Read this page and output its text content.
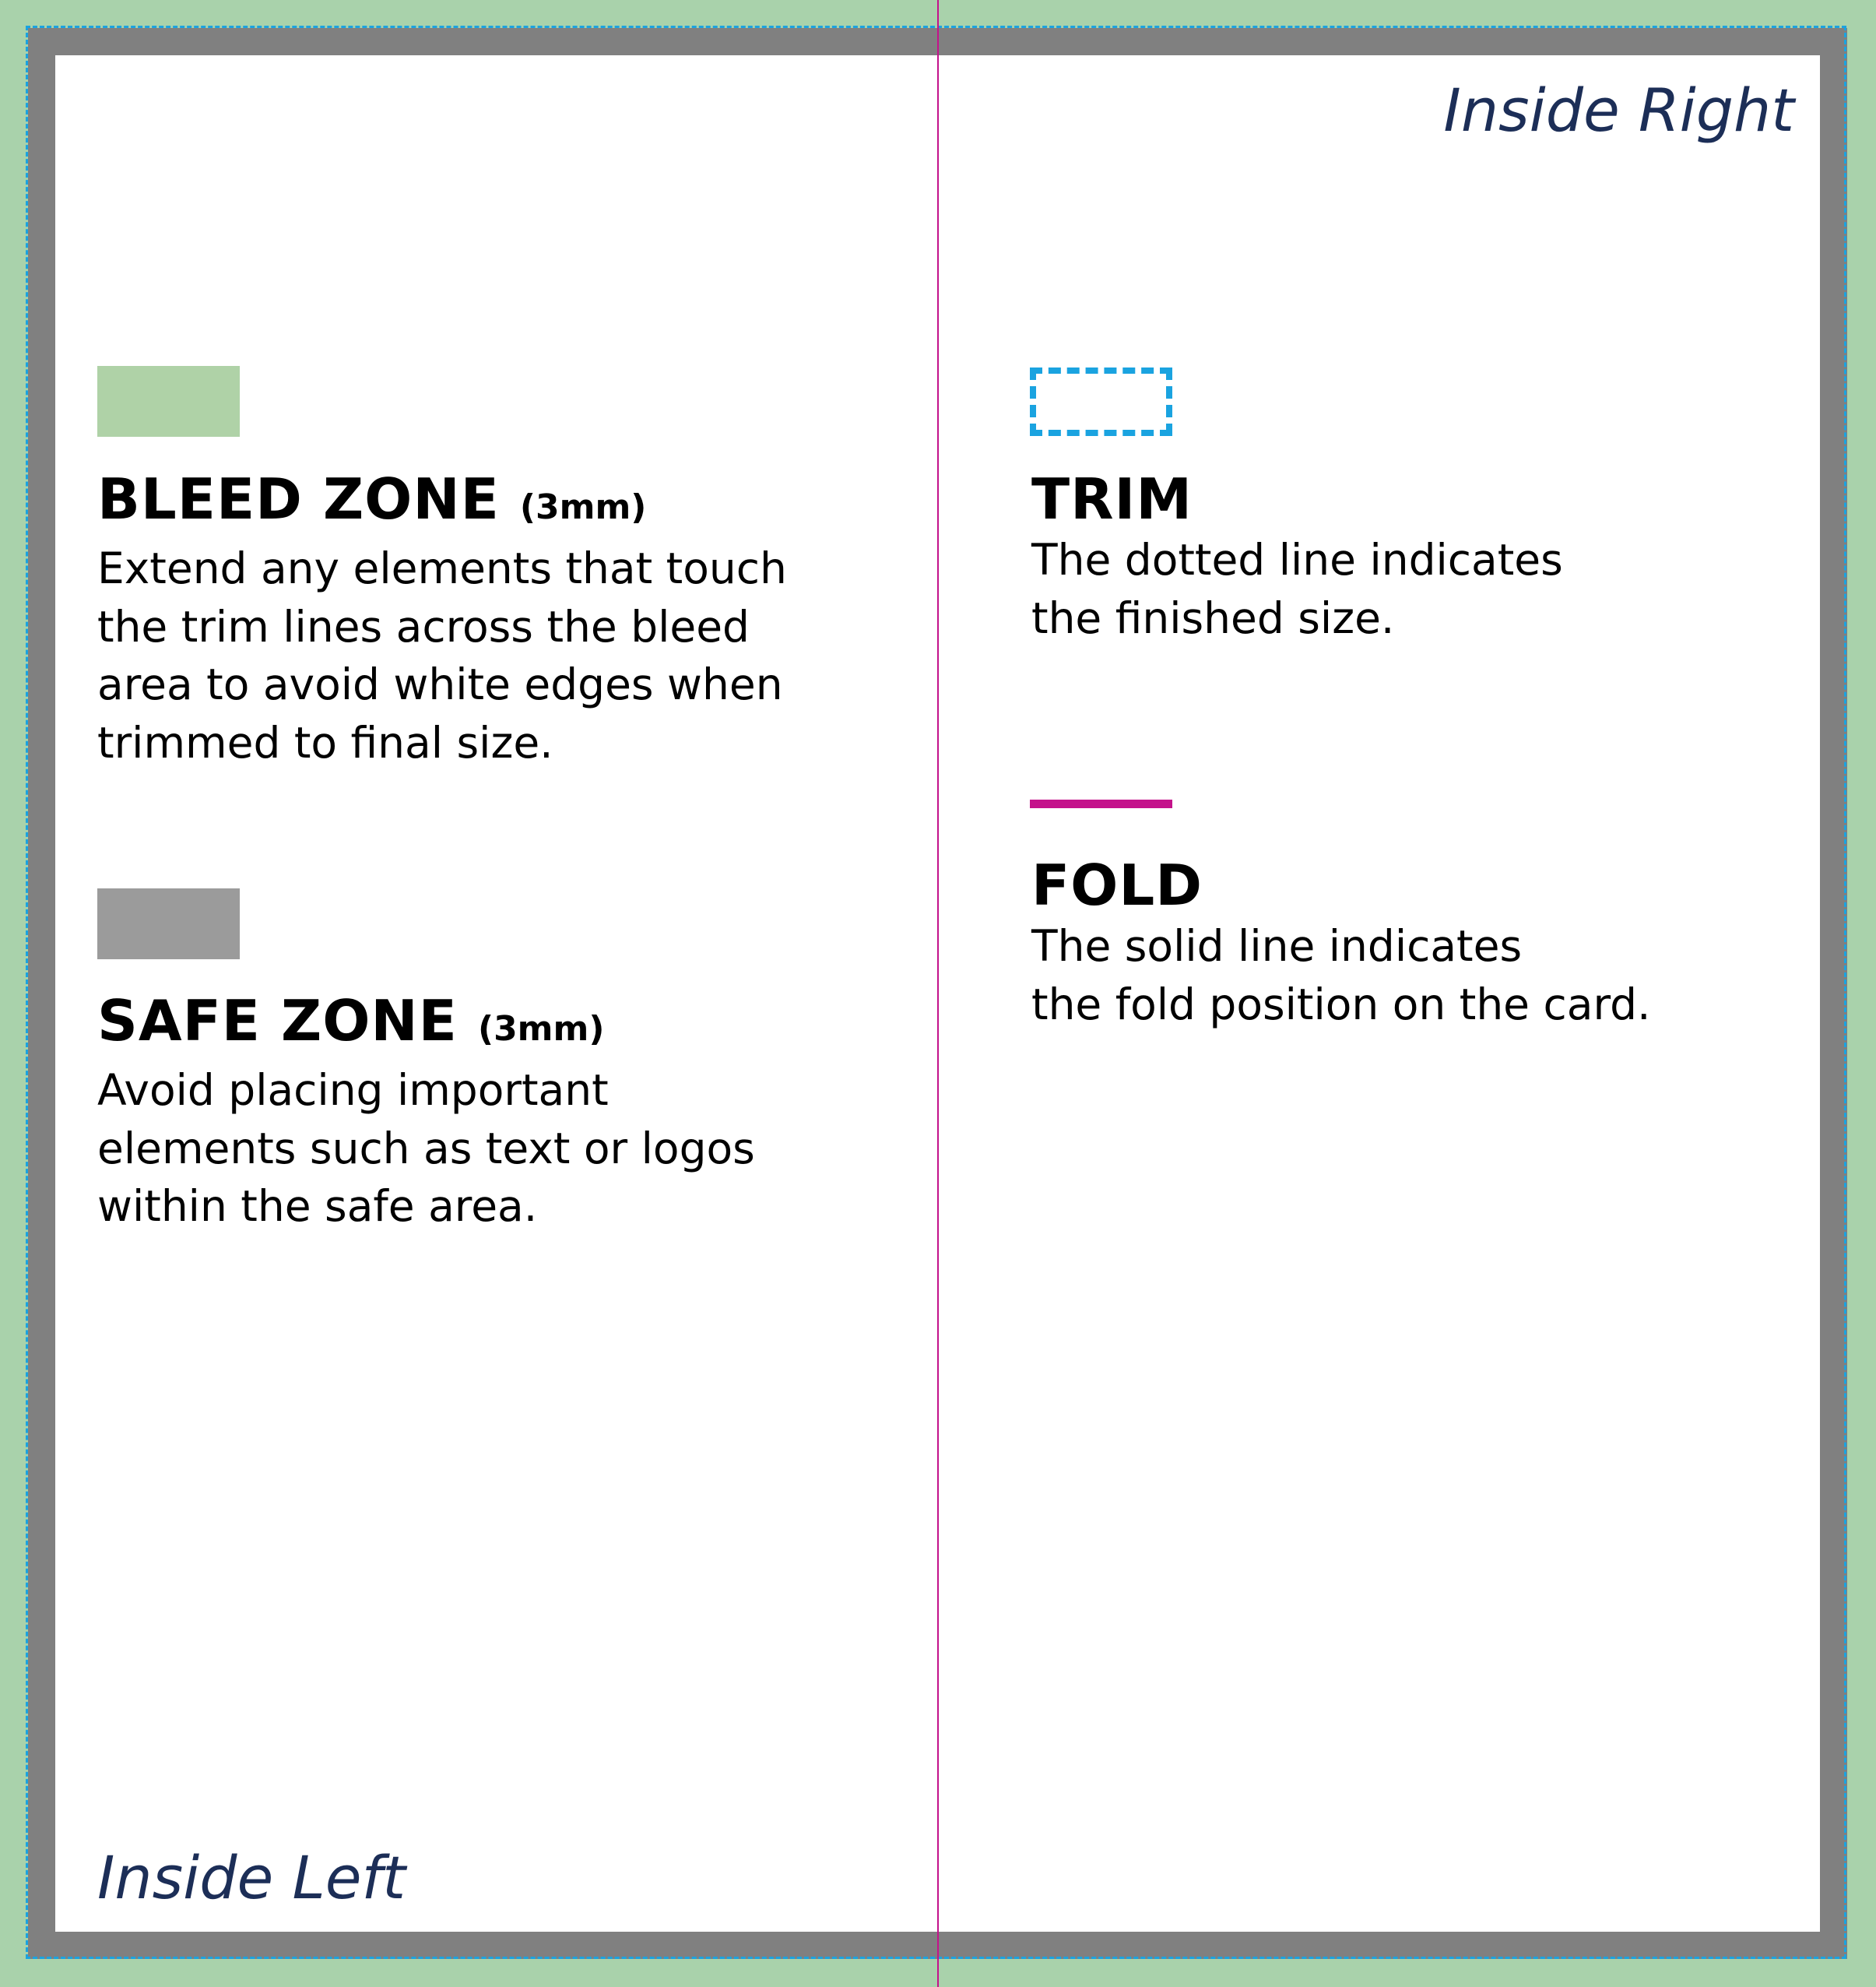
Inside Right
Inside Left
BLEED ZONE (3mm)
Extend any elements that touch
the trim lines across the bleed
area to avoid white edges when
trimmed to final size.
SAFE ZONE (3mm)
Avoid placing important
elements such as text or logos
within the safe area.
TRIM
The dotted line indicates
the finished size.
FOLD
The solid line indicates
the fold position on the card.
